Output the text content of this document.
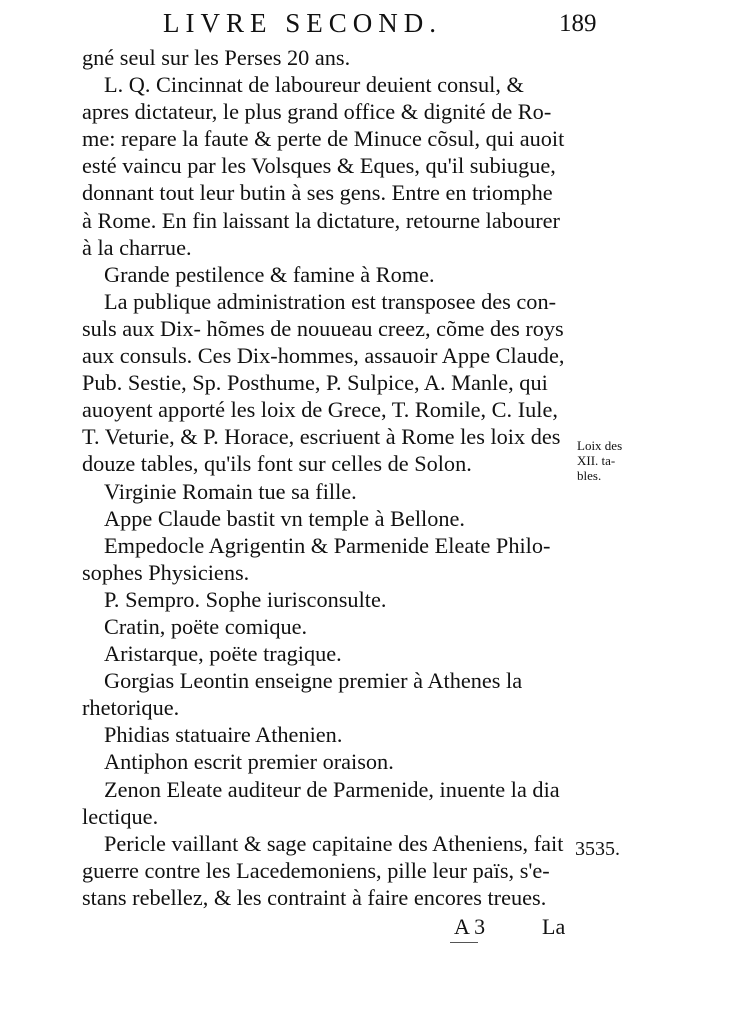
LIVRE SECOND.	189
gné seul sur les Perses 20 ans.
L. Q. Cincinnat de laboureur deuient consul, &
apres dictateur, le plus grand office & dignité de Ro-
me: repare la faute & perte de Minuce cõsul, qui auoit
esté vaincu par les Volsques & Eques, qu'il subiugue,
donnant tout leur butin à ses gens. Entre en triomphe
à Rome. En fin laissant la dictature, retourne labourer
à la charrue.
Grande pestilence & famine à Rome.
La publique administration est transposee des con-
suls aux Dix- hõmes de nouueau creez, cõme des roys
aux consuls. Ces Dix-hommes, assauoir Appe Claude,
Pub. Sestie, Sp. Posthume, P. Sulpice, A. Manle, qui
auoyent apporté les loix de Grece, T. Romile, C. Iule,
T. Veturie, & P. Horace, escriuent à Rome les loix des
douze tables, qu'ils font sur celles de Solon.
Virginie Romain tue sa fille.
Appe Claude bastit vn temple à Bellone.
Empedocle Agrigentin & Parmenide Eleate Philo-
sophes Physiciens.
P. Sempro. Sophe iurisconsulte.
Cratin, poëte comique.
Aristarque, poëte tragique.
Gorgias Leontin enseigne premier à Athenes la
rhetorique.
Phidias statuaire Athenien.
Antiphon escrit premier oraison.
Zenon Eleate auditeur de Parmenide, inuente la dia
lectique.
Pericle vaillant & sage capitaine des Atheniens, fait
guerre contre les Lacedemoniens, pille leur païs, s'e-
stans rebellez, & les contraint à faire encores treues.
Loix des
XII. ta-
bles.
3535.
A 3	La
